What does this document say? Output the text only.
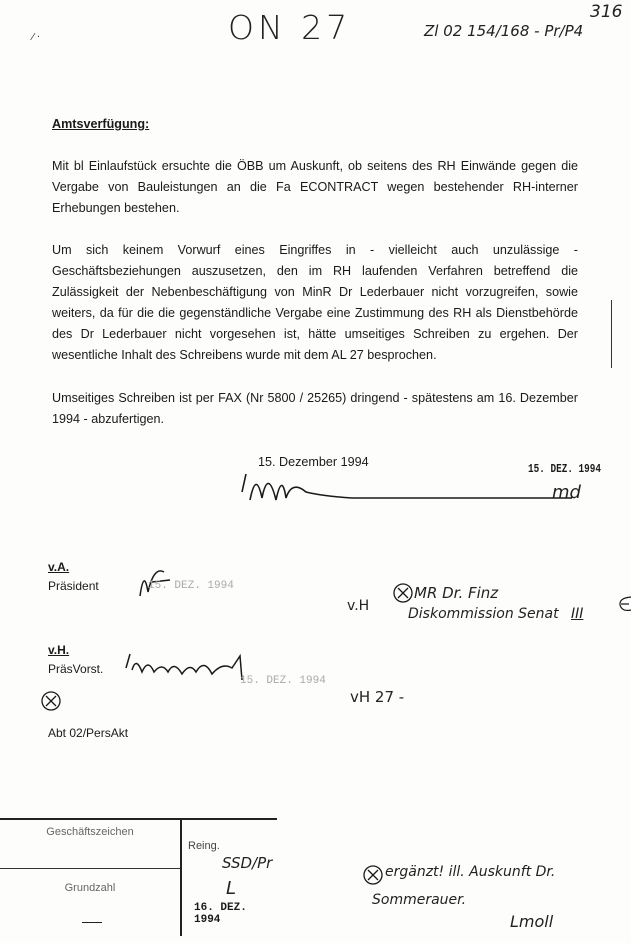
316
ON 27	Zl 02 154/168 - Pr/P4
⁄ ·
Amtsverfügung:
Mit bl Einlaufstück ersuchte die ÖBB um Auskunft, ob seitens des RH Einwände gegen die Vergabe von Bauleistungen an die Fa ECONTRACT wegen bestehender RH-interner Erhebungen bestehen.
Um sich keinem Vorwurf eines Eingriffes in - vielleicht auch unzulässige - Geschäftsbeziehungen auszusetzen, den im RH laufenden Verfahren betreffend die Zulässigkeit der Nebenbeschäftigung von MinR Dr Lederbauer nicht vorzugreifen, sowie weiters, da für die die gegenständliche Vergabe eine Zustimmung des RH als Dienstbehörde des Dr Lederbauer nicht vorgesehen ist, hätte umseitiges Schreiben zu ergehen. Der wesentliche Inhalt des Schreibens wurde mit dem AL 27 besprochen.
Umseitiges Schreiben ist per FAX (Nr 5800 / 25265) dringend - spätestens am 16. Dezember 1994 - abzufertigen.
15. Dezember 1994	15. DEZ. 1994
md
v.A.
Präsident	15. DEZ. 1994
v.H
MR Dr. Finz
Diskommission Senat III
v.H.
PräsVorst.
15. DEZ. 1994
vH 27 -
Abt 02/PersAkt
Geschäftszeichen
Grundzahl
Reing.
SSD/Pr
L
16. DEZ. 1994
ergänzt! ill. Auskunft Dr.
Sommerauer.
Lmoll
